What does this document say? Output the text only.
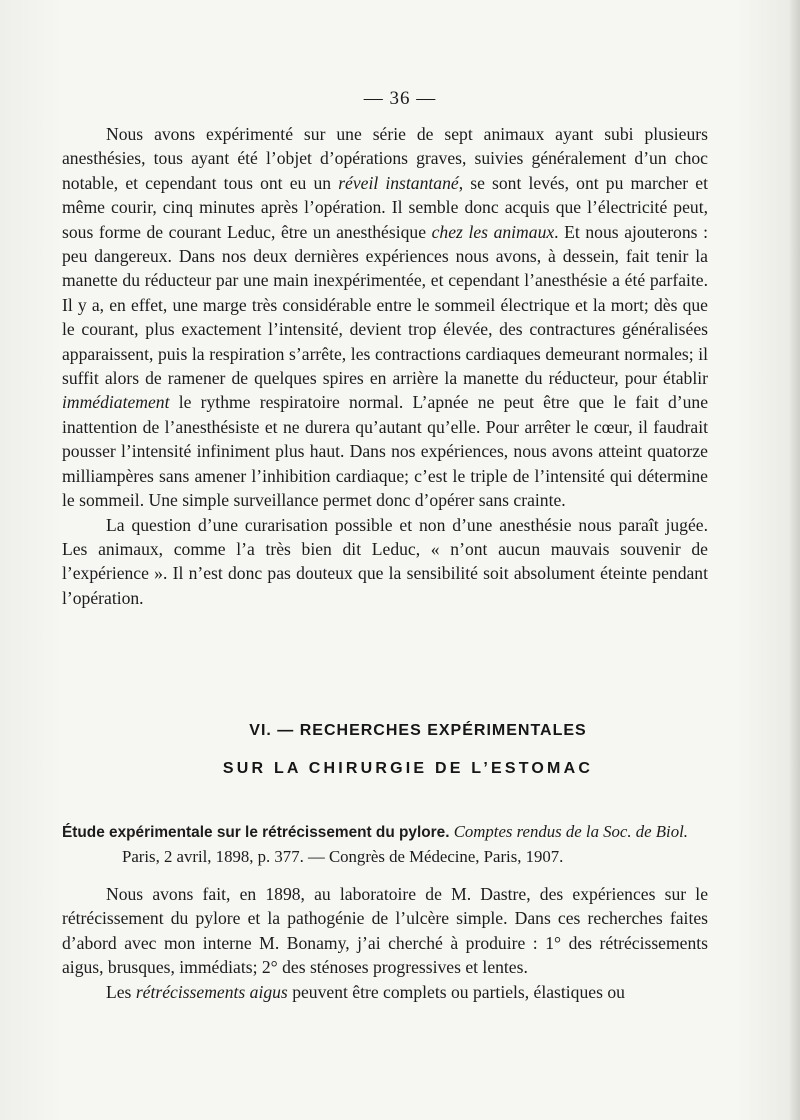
— 36 —

Nous avons expérimenté sur une série de sept animaux ayant subi plusieurs anesthésies, tous ayant été l’objet d’opérations graves, suivies généralement d’un choc notable, et cependant tous ont eu un réveil instantané, se sont levés, ont pu marcher et même courir, cinq minutes après l’opération. Il semble donc acquis que l’électricité peut, sous forme de courant Leduc, être un anesthésique chez les animaux. Et nous ajouterons : peu dangereux. Dans nos deux dernières expériences nous avons, à dessein, fait tenir la manette du réducteur par une main inexpérimentée, et cependant l’anesthésie a été parfaite. Il y a, en effet, une marge très considérable entre le sommeil électrique et la mort; dès que le courant, plus exactement l’intensité, devient trop élevée, des contractures généralisées apparaissent, puis la respiration s’arrête, les contractions cardiaques demeurant normales; il suffit alors de ramener de quelques spires en arrière la manette du réducteur, pour établir immédiatement le rythme respiratoire normal. L’apnée ne peut être que le fait d’une inattention de l’anesthésiste et ne durera qu’autant qu’elle. Pour arrêter le cœur, il faudrait pousser l’intensité infiniment plus haut. Dans nos expériences, nous avons atteint quatorze milliampères sans amener l’inhibition cardiaque; c’est le triple de l’intensité qui détermine le sommeil. Une simple surveillance permet donc d’opérer sans crainte.

La question d’une curarisation possible et non d’une anesthésie nous paraît jugée. Les animaux, comme l’a très bien dit Leduc, « n’ont aucun mauvais souvenir de l’expérience ». Il n’est donc pas douteux que la sensibilité soit absolument éteinte pendant l’opération.

VI. — RECHERCHES EXPÉRIMENTALES
SUR LA CHIRURGIE DE L’ESTOMAC
Étude expérimentale sur le rétrécissement du pylore. Comptes rendus de la Soc. de Biol.
Paris, 2 avril, 1898, p. 377. — Congrès de Médecine, Paris, 1907.

Nous avons fait, en 1898, au laboratoire de M. Dastre, des expériences sur le rétrécissement du pylore et la pathogénie de l’ulcère simple. Dans ces recherches faites d’abord avec mon interne M. Bonamy, j’ai cherché à produire : 1° des rétrécissements aigus, brusques, immédiats; 2° des sténoses progressives et lentes.

Les rétrécissements aigus peuvent être complets ou partiels, élastiques ou
